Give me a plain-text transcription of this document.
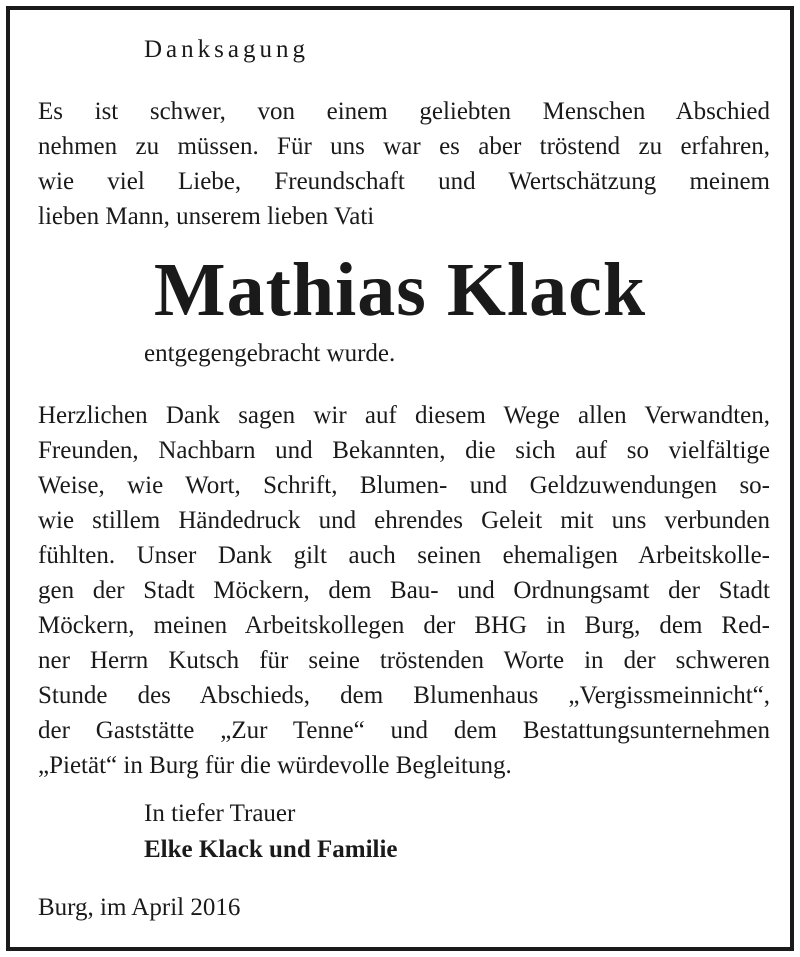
Danksagung
Es ist schwer, von einem geliebten Menschen Abschied
nehmen zu müssen. Für uns war es aber tröstend zu erfahren,
wie viel Liebe, Freundschaft und Wertschätzung meinem
lieben Mann, unserem lieben Vati
Mathias Klack
entgegengebracht wurde.
Herzlichen Dank sagen wir auf diesem Wege allen Verwandten,
Freunden, Nachbarn und Bekannten, die sich auf so vielfältige
Weise, wie Wort, Schrift, Blumen- und Geldzuwendungen so-
wie stillem Händedruck und ehrendes Geleit mit uns verbunden
fühlten. Unser Dank gilt auch seinen ehemaligen Arbeitskolle-
gen der Stadt Möckern, dem Bau- und Ordnungsamt der Stadt
Möckern, meinen Arbeitskollegen der BHG in Burg, dem Red-
ner Herrn Kutsch für seine tröstenden Worte in der schweren
Stunde des Abschieds, dem Blumenhaus „Vergissmeinnicht“,
der Gaststätte „Zur Tenne“ und dem Bestattungsunternehmen
„Pietät“ in Burg für die würdevolle Begleitung.
In tiefer Trauer
Elke Klack und Familie
Burg, im April 2016
